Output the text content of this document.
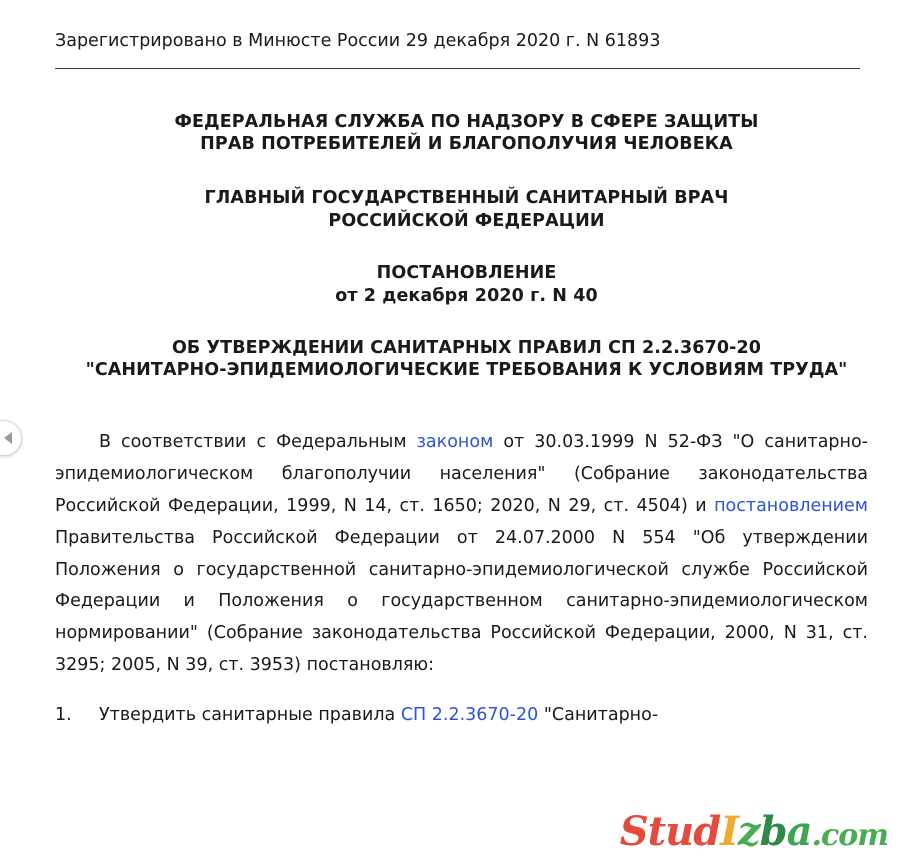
Зарегистрировано в Минюсте России 29 декабря 2020 г. N 61893
ФЕДЕРАЛЬНАЯ СЛУЖБА ПО НАДЗОРУ В СФЕРЕ ЗАЩИТЫ
ПРАВ ПОТРЕБИТЕЛЕЙ И БЛАГОПОЛУЧИЯ ЧЕЛОВЕКА
ГЛАВНЫЙ ГОСУДАРСТВЕННЫЙ САНИТАРНЫЙ ВРАЧ
РОССИЙСКОЙ ФЕДЕРАЦИИ
ПОСТАНОВЛЕНИЕ
от 2 декабря 2020 г. N 40
ОБ УТВЕРЖДЕНИИ САНИТАРНЫХ ПРАВИЛ СП 2.2.3670-20
"САНИТАРНО-ЭПИДЕМИОЛОГИЧЕСКИЕ ТРЕБОВАНИЯ К УСЛОВИЯМ ТРУДА"

В соответствии с Федеральным законом от 30.03.1999 N 52-ФЗ "О санитарно-эпидемиологическом благополучии населения" (Собрание законодательства Российской Федерации, 1999, N 14, ст. 1650; 2020, N 29, ст. 4504) и постановлением Правительства Российской Федерации от 24.07.2000 N 554 "Об утверждении Положения о государственной санитарно-эпидемиологической службе Российской Федерации и Положения о государственном санитарно-эпидемиологическом нормировании" (Собрание законодательства Российской Федерации, 2000, N 31, ст. 3295; 2005, N 39, ст. 3953) постановляю:

1. Утвердить санитарные правила СП 2.2.3670-20 "Санитарно-

StudIzba.com
